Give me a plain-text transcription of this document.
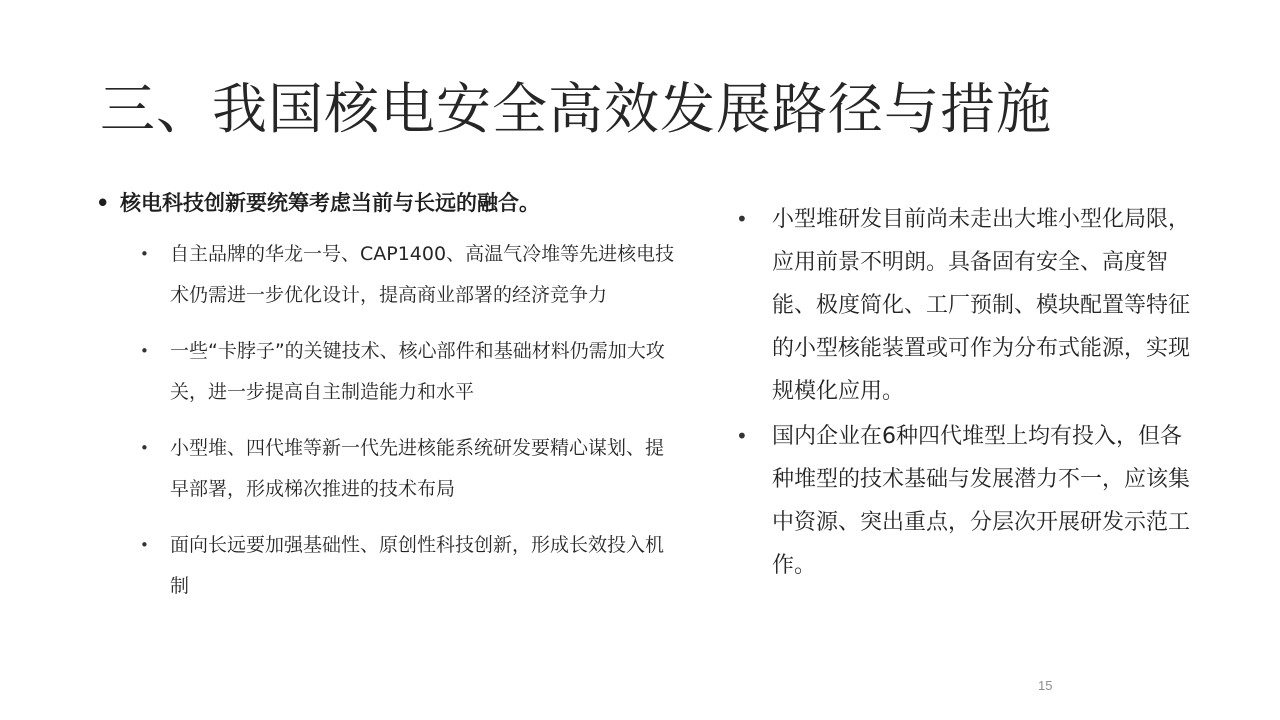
三、我国核电安全高效发展路径与措施
• 核电科技创新要统筹考虑当前与长远的融合。
•	自主品牌的华龙一号、CAP1400、高温气冷堆等先进核电技术仍需进一步优化设计，提高商业部署的经济竞争力
•	一些“卡脖子”的关键技术、核心部件和基础材料仍需加大攻关，进一步提高自主制造能力和水平
•	小型堆、四代堆等新一代先进核能系统研发要精心谋划、提早部署，形成梯次推进的技术布局
•	面向长远要加强基础性、原创性科技创新，形成长效投入机制
•	小型堆研发目前尚未走出大堆小型化局限，应用前景不明朗。具备固有安全、高度智能、极度简化、工厂预制、模块配置等特征的小型核能装置或可作为分布式能源，实现规模化应用。
•	国内企业在6种四代堆型上均有投入，但各种堆型的技术基础与发展潜力不一，应该集中资源、突出重点，分层次开展研发示范工作。
15
